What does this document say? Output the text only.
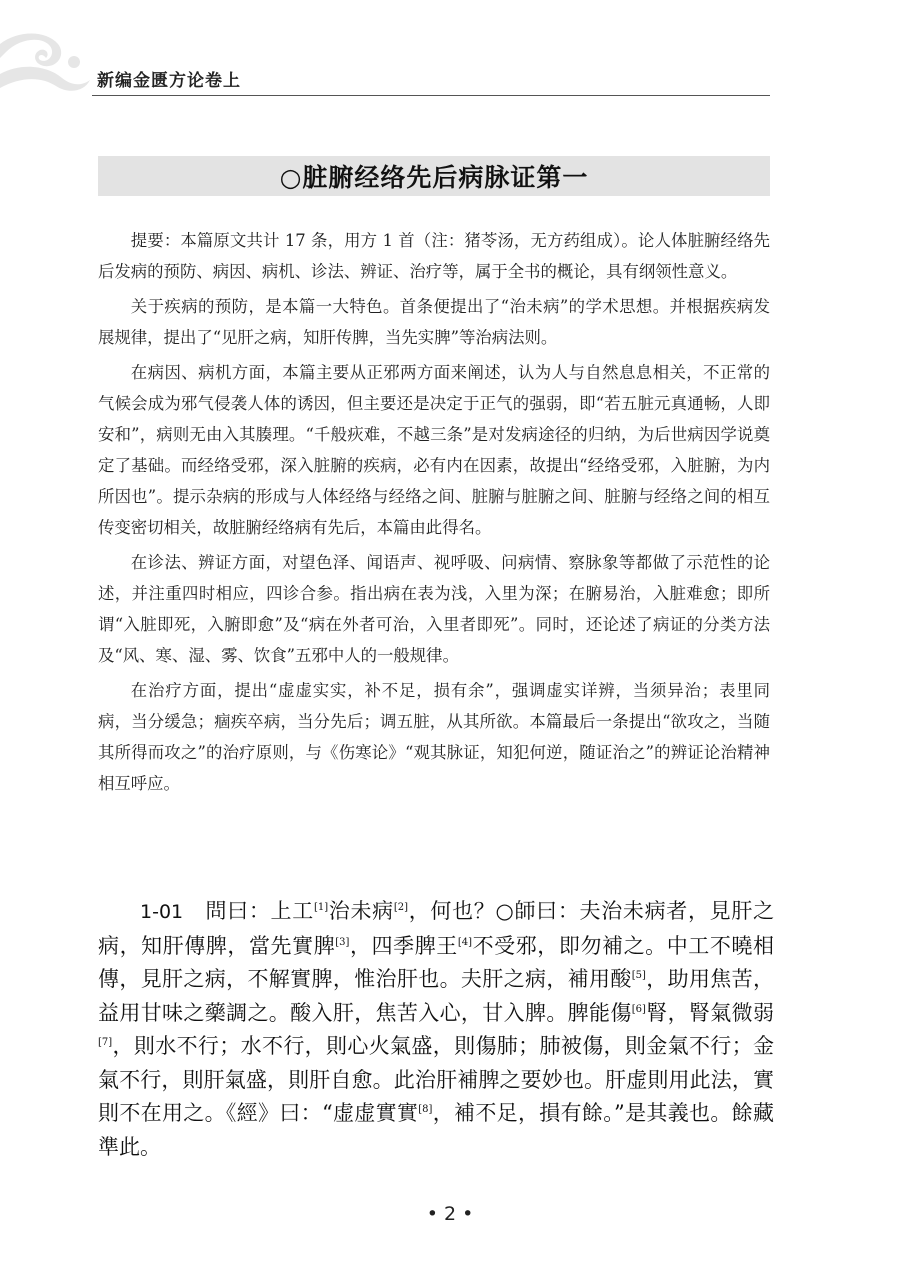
新编金匮方论卷上
○脏腑经络先后病脉证第一

提要：本篇原文共计 17 条，用方 1 首（注：猪苓汤，无方药组成）。论人体脏腑经络先后发病的预防、病因、病机、诊法、辨证、治疗等，属于全书的概论，具有纲领性意义。

关于疾病的预防，是本篇一大特色。首条便提出了“治未病”的学术思想。并根据疾病发展规律，提出了“见肝之病，知肝传脾，当先实脾”等治病法则。

在病因、病机方面，本篇主要从正邪两方面来阐述，认为人与自然息息相关，不正常的气候会成为邪气侵袭人体的诱因，但主要还是决定于正气的强弱，即“若五脏元真通畅，人即安和”，病则无由入其腠理。“千般疢难，不越三条”是对发病途径的归纳，为后世病因学说奠定了基础。而经络受邪，深入脏腑的疾病，必有内在因素，故提出“经络受邪，入脏腑，为内所因也”。提示杂病的形成与人体经络与经络之间、脏腑与脏腑之间、脏腑与经络之间的相互传变密切相关，故脏腑经络病有先后，本篇由此得名。

在诊法、辨证方面，对望色泽、闻语声、视呼吸、问病情、察脉象等都做了示范性的论述，并注重四时相应，四诊合参。指出病在表为浅，入里为深；在腑易治，入脏难愈；即所谓“入脏即死，入腑即愈”及“病在外者可治，入里者即死”。同时，还论述了病证的分类方法及“风、寒、湿、雾、饮食”五邪中人的一般规律。

在治疗方面，提出“虚虚实实，补不足，损有余”，强调虚实详辨，当须异治；表里同病，当分缓急；痼疾卒病，当分先后；调五脏，从其所欲。本篇最后一条提出“欲攻之，当随其所得而攻之”的治疗原则，与《伤寒论》“观其脉证，知犯何逆，随证治之”的辨证论治精神相互呼应。

1-01　 問曰：上工[1]治未病[2]，何也？○師曰：夫治未病者，見肝之病，知肝傳脾，當先實脾[3]，四季脾王[4]不受邪，即勿補之。中工不曉相傳，見肝之病，不解實脾，惟治肝也。夫肝之病，補用酸[5]，助用焦苦，益用甘味之藥調之。酸入肝，焦苦入心，甘入脾。脾能傷[6]腎，腎氣微弱[7]，則水不行；水不行，則心火氣盛，則傷肺；肺被傷，則金氣不行；金氣不行，則肝氣盛，則肝自愈。此治肝補脾之要妙也。肝虚則用此法，實則不在用之。《經》曰：“虚虚實實[8]，補不足，損有餘。”是其義也。餘藏準此。

• 2 •
